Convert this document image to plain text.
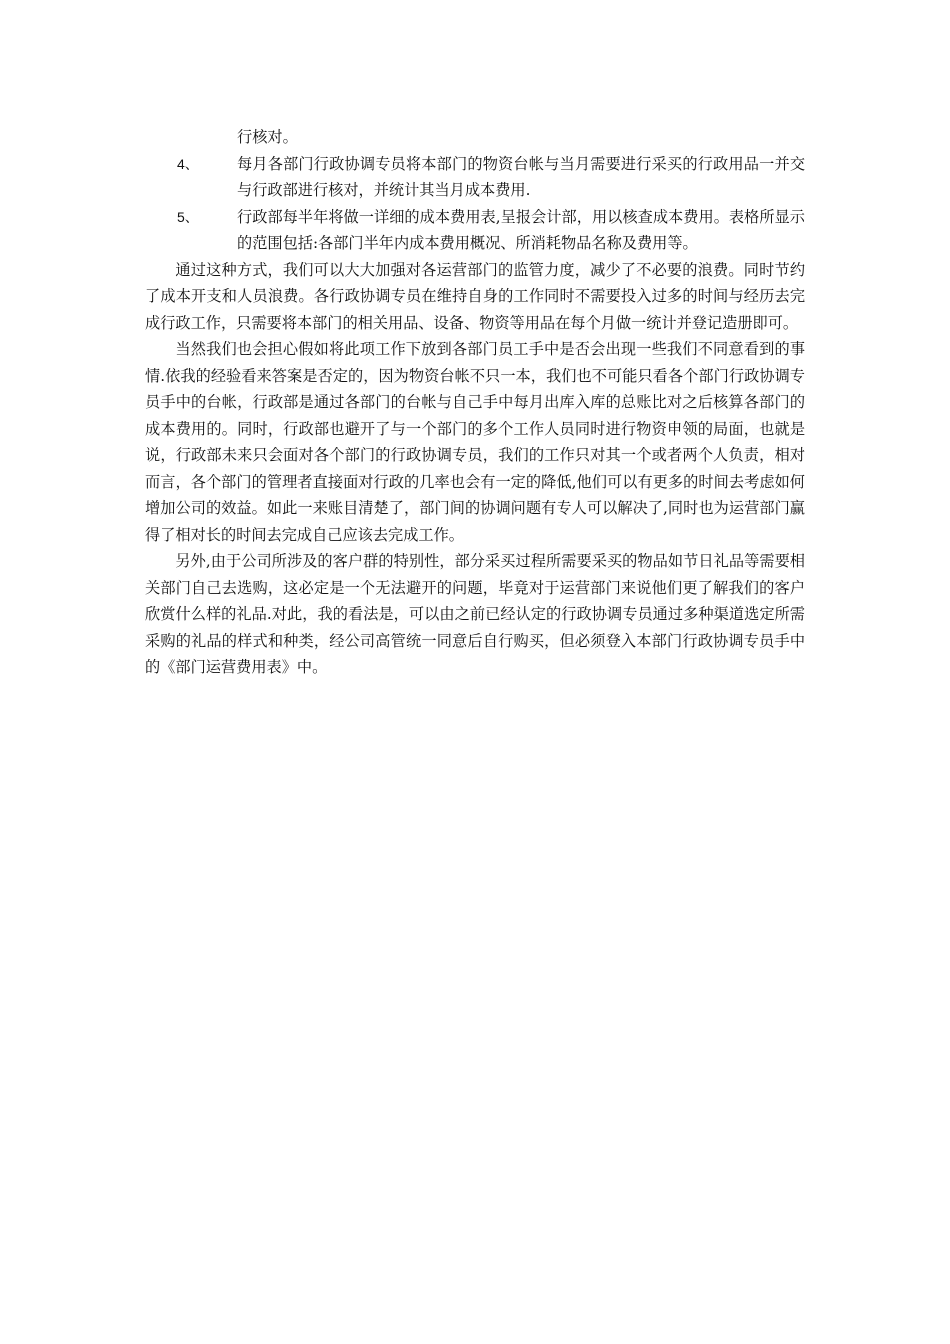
行核对。
4、	每月各部门行政协调专员将本部门的物资台帐与当月需要进行采买的行政用品一并交与行政部进行核对，并统计其当月成本费用.
5、	行政部每半年将做一详细的成本费用表,呈报会计部，用以核查成本费用。表格所显示的范围包括:各部门半年内成本费用概况、所消耗物品名称及费用等。

通过这种方式，我们可以大大加强对各运营部门的监管力度，减少了不必要的浪费。同时节约了成本开支和人员浪费。各行政协调专员在维持自身的工作同时不需要投入过多的时间与经历去完成行政工作，只需要将本部门的相关用品、设备、物资等用品在每个月做一统计并登记造册即可。

当然我们也会担心假如将此项工作下放到各部门员工手中是否会出现一些我们不同意看到的事情.依我的经验看来答案是否定的，因为物资台帐不只一本，我们也不可能只看各个部门行政协调专员手中的台帐，行政部是通过各部门的台帐与自己手中每月出库入库的总账比对之后核算各部门的成本费用的。同时，行政部也避开了与一个部门的多个工作人员同时进行物资申领的局面，也就是说，行政部未来只会面对各个部门的行政协调专员，我们的工作只对其一个或者两个人负责，相对而言，各个部门的管理者直接面对行政的几率也会有一定的降低,他们可以有更多的时间去考虑如何增加公司的效益。如此一来账目清楚了，部门间的协调问题有专人可以解决了,同时也为运营部门赢得了相对长的时间去完成自己应该去完成工作。

另外,由于公司所涉及的客户群的特别性，部分采买过程所需要采买的物品如节日礼品等需要相关部门自己去选购，这必定是一个无法避开的问题，毕竟对于运营部门来说他们更了解我们的客户欣赏什么样的礼品.对此，我的看法是，可以由之前已经认定的行政协调专员通过多种渠道选定所需采购的礼品的样式和种类，经公司高管统一同意后自行购买，但必须登入本部门行政协调专员手中的《部门运营费用表》中。
